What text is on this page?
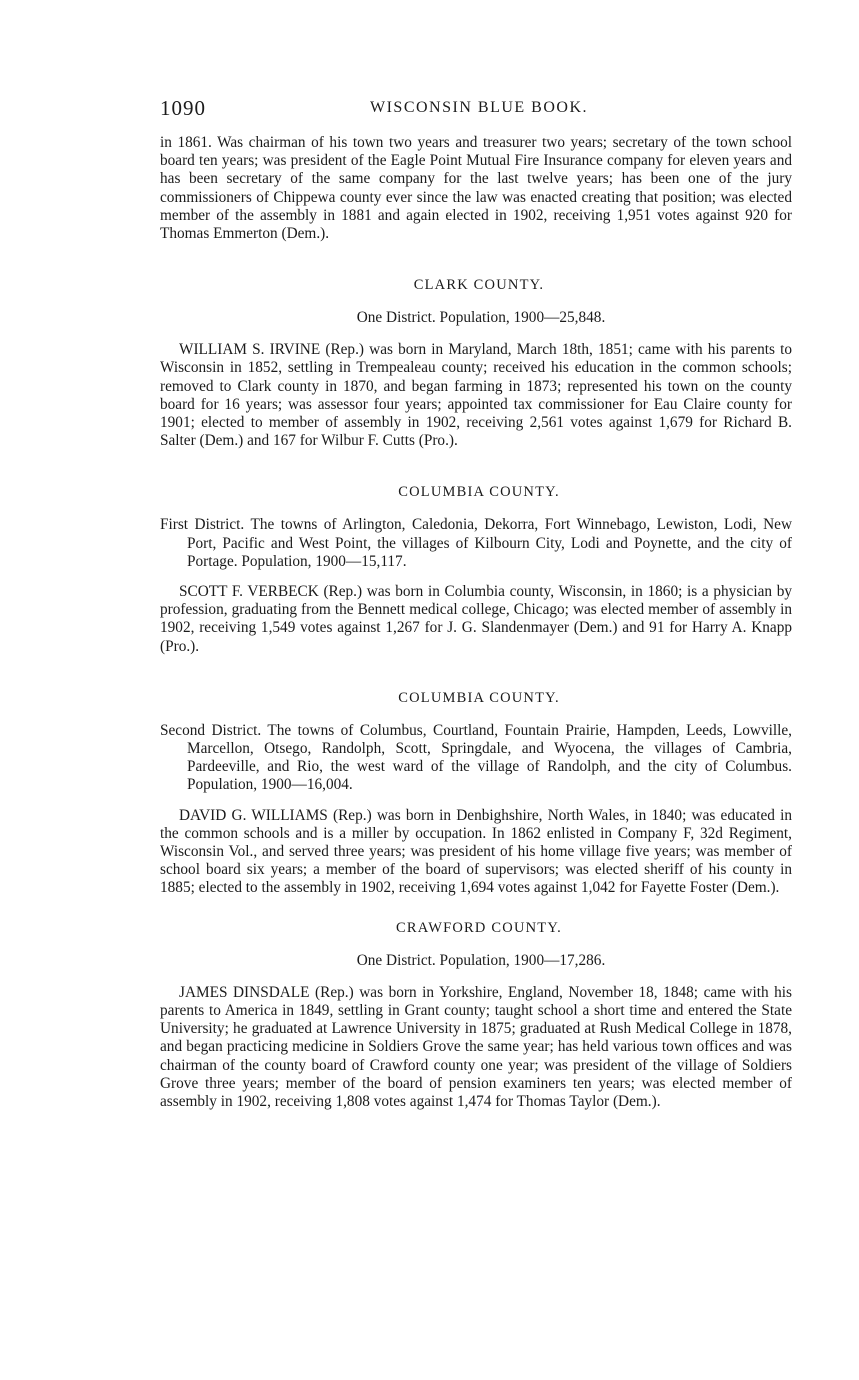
1090	WISCONSIN BLUE BOOK.

in 1861. Was chairman of his town two years and treasurer two years; secretary of the town school board ten years; was president of the Eagle Point Mutual Fire Insurance company for eleven years and has been secretary of the same company for the last twelve years; has been one of the jury commissioners of Chippewa county ever since the law was enacted creating that position; was elected member of the assembly in 1881 and again elected in 1902, receiving 1,951 votes against 920 for Thomas Emmerton (Dem.).

CLARK COUNTY.
One District. Population, 1900—25,848.

WILLIAM S. IRVINE (Rep.) was born in Maryland, March 18th, 1851; came with his parents to Wisconsin in 1852, settling in Trempealeau county; received his education in the common schools; removed to Clark county in 1870, and began farming in 1873; represented his town on the county board for 16 years; was assessor four years; appointed tax commissioner for Eau Claire county for 1901; elected to member of assembly in 1902, receiving 2,561 votes against 1,679 for Richard B. Salter (Dem.) and 167 for Wilbur F. Cutts (Pro.).

COLUMBIA COUNTY.

First District. The towns of Arlington, Caledonia, Dekorra, Fort Winnebago, Lewiston, Lodi, New Port, Pacific and West Point, the villages of Kilbourn City, Lodi and Poynette, and the city of Portage. Population, 1900—15,117.

SCOTT F. VERBECK (Rep.) was born in Columbia county, Wisconsin, in 1860; is a physician by profession, graduating from the Bennett medical college, Chicago; was elected member of assembly in 1902, receiving 1,549 votes against 1,267 for J. G. Slandenmayer (Dem.) and 91 for Harry A. Knapp (Pro.).

COLUMBIA COUNTY.

Second District. The towns of Columbus, Courtland, Fountain Prairie, Hampden, Leeds, Lowville, Marcellon, Otsego, Randolph, Scott, Springdale, and Wyocena, the villages of Cambria, Pardeeville, and Rio, the west ward of the village of Randolph, and the city of Columbus. Population, 1900—16,004.

DAVID G. WILLIAMS (Rep.) was born in Denbighshire, North Wales, in 1840; was educated in the common schools and is a miller by occupation. In 1862 enlisted in Company F, 32d Regiment, Wisconsin Vol., and served three years; was president of his home village five years; was member of school board six years; a member of the board of supervisors; was elected sheriff of his county in 1885; elected to the assembly in 1902, receiving 1,694 votes against 1,042 for Fayette Foster (Dem.).

CRAWFORD COUNTY.
One District. Population, 1900—17,286.

JAMES DINSDALE (Rep.) was born in Yorkshire, England, November 18, 1848; came with his parents to America in 1849, settling in Grant county; taught school a short time and entered the State University; he graduated at Lawrence University in 1875; graduated at Rush Medical College in 1878, and began practicing medicine in Soldiers Grove the same year; has held various town offices and was chairman of the county board of Crawford county one year; was president of the village of Soldiers Grove three years; member of the board of pension examiners ten years; was elected member of assembly in 1902, receiving 1,808 votes against 1,474 for Thomas Taylor (Dem.).
